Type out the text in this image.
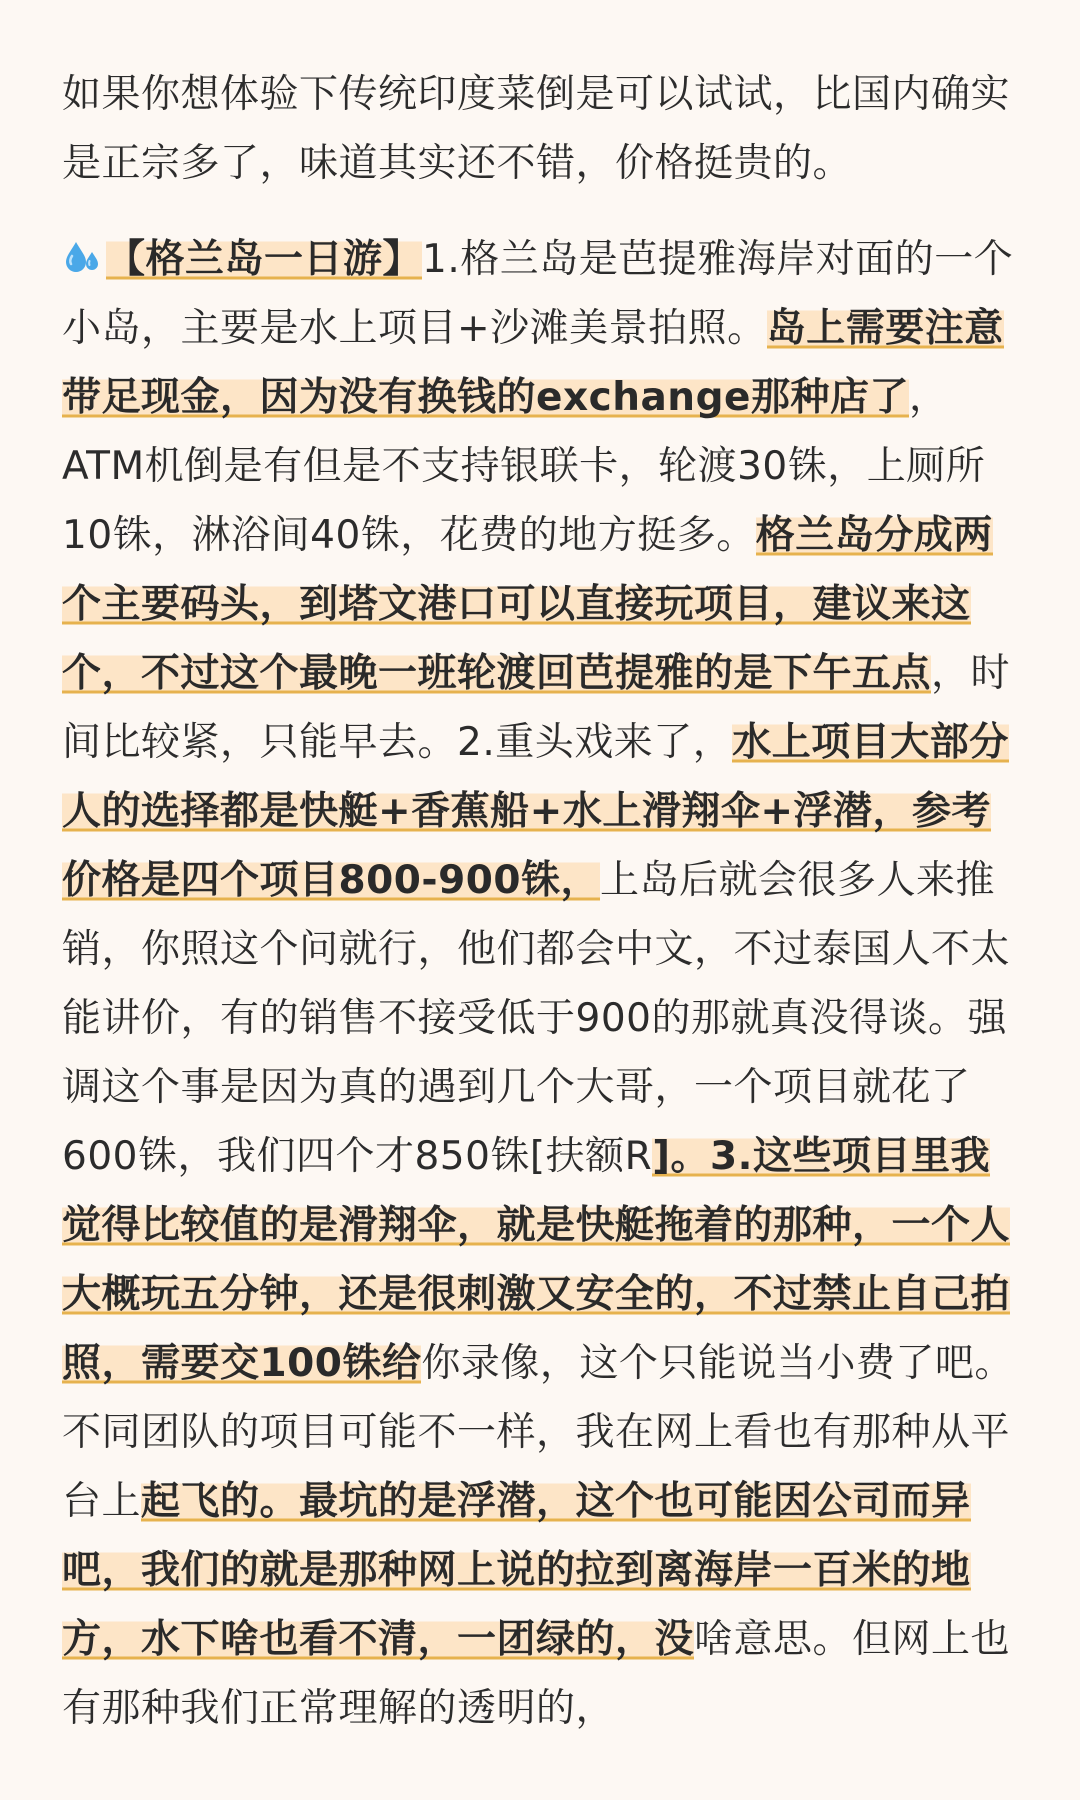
如果你想体验下传统印度菜倒是可以试试，比国内确实是正宗多了，味道其实还不错，价格挺贵的。

【格兰岛一日游】1.格兰岛是芭提雅海岸对面的一个小岛，主要是水上项目+沙滩美景拍照。岛上需要注意带足现金，因为没有换钱的exchange那种店了，ATM机倒是有但是不支持银联卡，轮渡30铢，上厕所10铢，淋浴间40铢，花费的地方挺多。格兰岛分成两个主要码头，到塔文港口可以直接玩项目，建议来这个，不过这个最晚一班轮渡回芭提雅的是下午五点，时间比较紧，只能早去。2.重头戏来了，水上项目大部分人的选择都是快艇+香蕉船+水上滑翔伞+浮潜，参考价格是四个项目800-900铢，上岛后就会很多人来推销，你照这个问就行，他们都会中文，不过泰国人不太能讲价，有的销售不接受低于900的那就真没得谈。强调这个事是因为真的遇到几个大哥，一个项目就花了600铢，我们四个才850铢[扶额R]。3.这些项目里我觉得比较值的是滑翔伞，就是快艇拖着的那种，一个人大概玩五分钟，还是很刺激又安全的，不过禁止自己拍照，需要交100铢给你录像，这个只能说当小费了吧。不同团队的项目可能不一样，我在网上看也有那种从平台上起飞的。最坑的是浮潜，这个也可能因公司而异吧，我们的就是那种网上说的拉到离海岸一百米的地方，水下啥也看不清，一团绿的，没啥意思。但网上也有那种我们正常理解的透明的，
